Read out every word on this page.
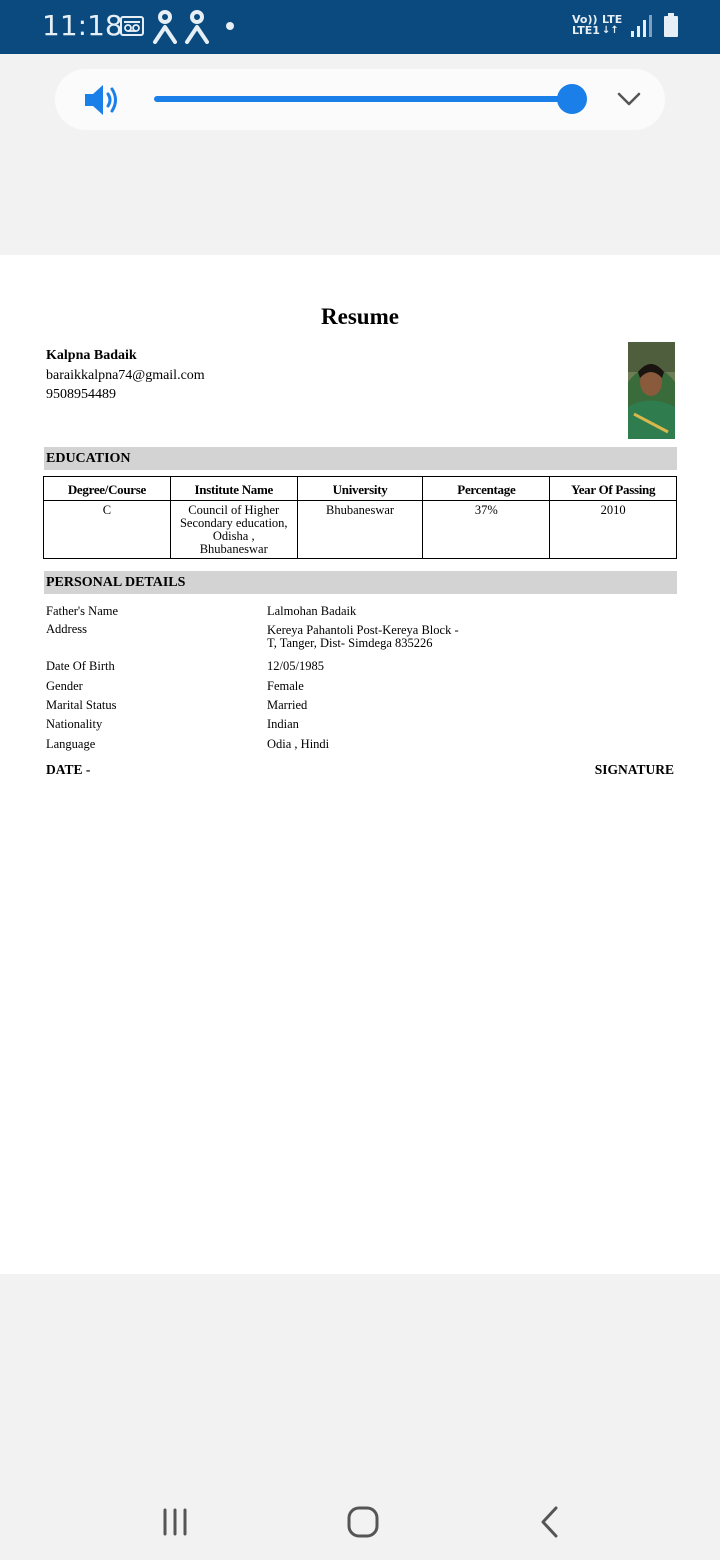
11:18	Vo))
LTE1
LTE
↓↑
Resume
Kalpna Badaik
baraikkalpna74@gmail.com
9508954489
EDUCATION
Degree/Course	Institute Name	University	Percentage	Year Of Passing
C	Council of Higher
Secondary education,
Odisha ,
Bhubaneswar	Bhubaneswar	37%	2010
PERSONAL DETAILS
Father's Name	Lalmohan Badaik
Address	Kereya Pahantoli Post-Kereya Block -
T, Tanger, Dist- Simdega 835226
Date Of Birth	12/05/1985
Gender	Female
Marital Status	Married
Nationality	Indian
Language	Odia , Hindi
DATE -	SIGNATURE
